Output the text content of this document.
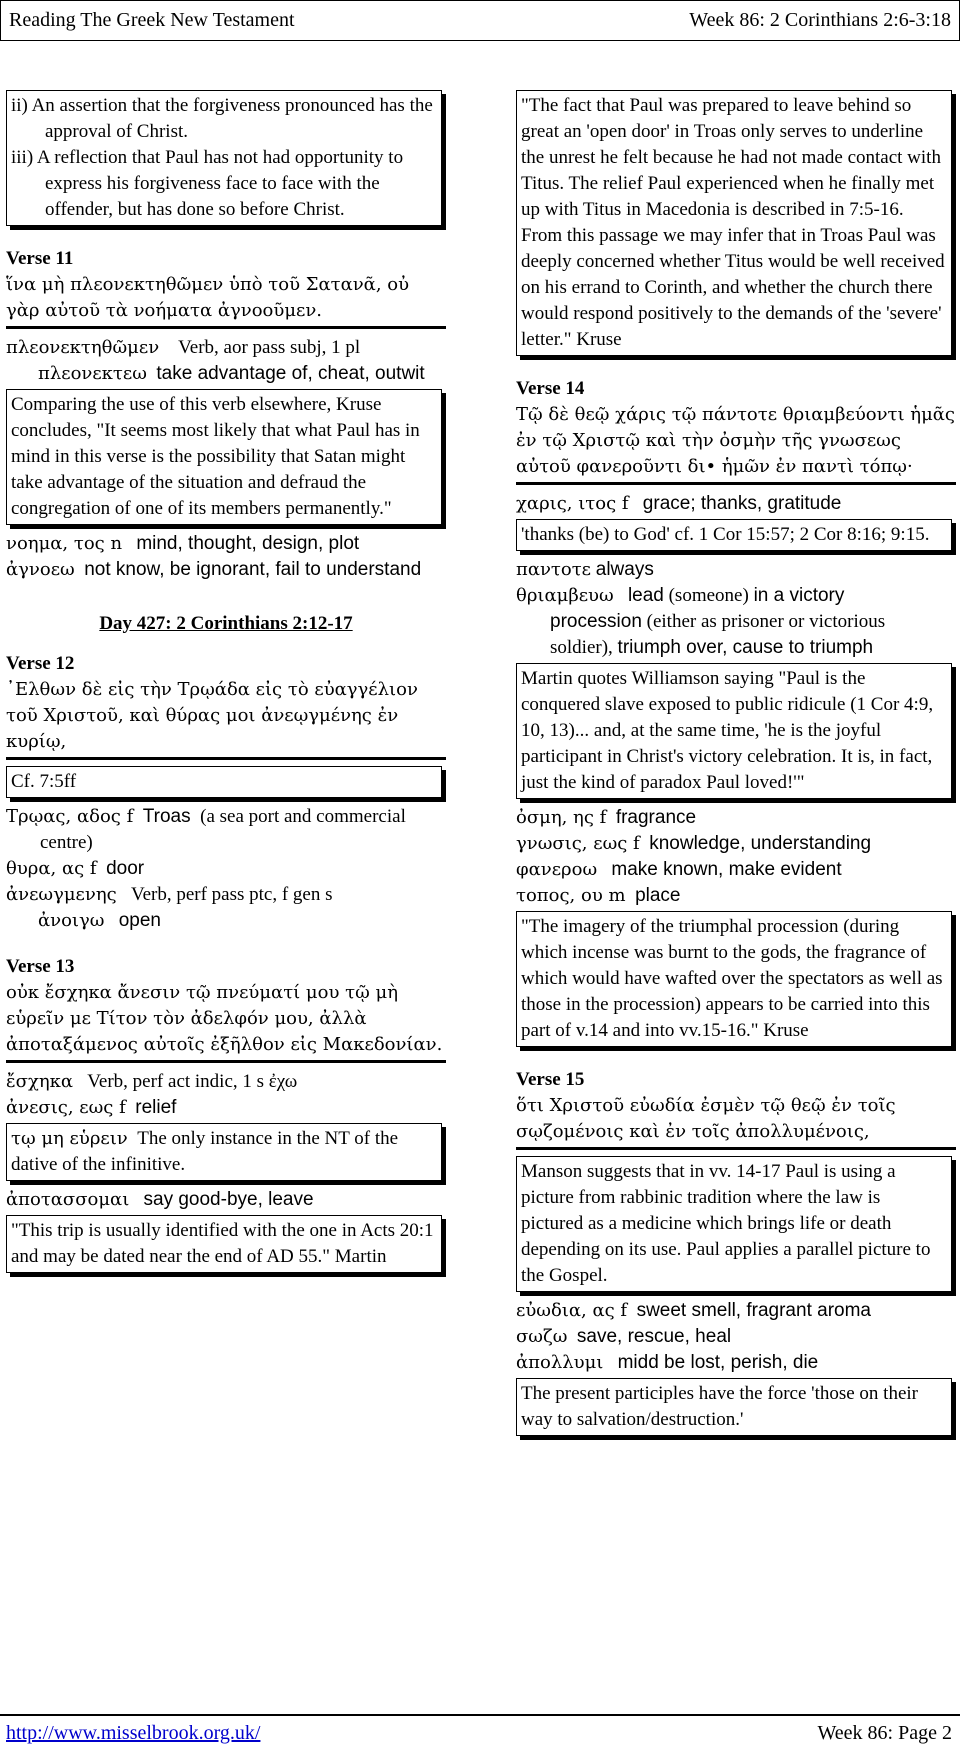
Reading The Greek New Testament	Week 86: 2 Corinthians 2:6-3:18
ii) An assertion that the forgiveness pronounced has the approval of Christ.
iii) A reflection that Paul has not had opportunity to express his forgiveness face to face with the offender, but has done so before Christ.
Verse 11
ἵνα μὴ πλεονεκτηθῶμεν ὑπὸ τοῦ Σατανᾶ, οὐ γὰρ αὐτοῦ τὰ νοήματα ἀγνοοῦμεν.
πλεονεκτηθῶμεν Verb, aor pass subj, 1 pl
πλεονεκτεω take advantage of, cheat, outwit
Comparing the use of this verb elsewhere, Kruse concludes, "It seems most likely that what Paul has in mind in this verse is the possibility that Satan might take advantage of the situation and defraud the congregation of one of its members permanently."
νοημα, τος n mind, thought, design, plot
ἀγνοεω not know, be ignorant, fail to understand
Day 427: 2 Corinthians 2:12-17
Verse 12
᾿Ελθων δὲ εἰς τὴν Τρῳάδα εἰς τὸ εὐαγγέλιον τοῦ Χριστοῦ, καὶ θύρας μοι ἀνεῳγμένης ἐν κυρίῳ,
Cf. 7:5ff
Τρῳας, αδος f Troas (a sea port and commercial centre)
θυρα, ας f door
ἀνεωγμενης Verb, perf pass ptc, f gen s
ἀνοιγω open
Verse 13
οὐκ ἔσχηκα ἄνεσιν τῷ πνεύματί μου τῷ μὴ εὑρεῖν με Τίτον τὸν ἀδελφόν μου, ἀλλὰ ἀποταξάμενος αὐτοῖς ἐξῆλθον εἰς Μακεδονίαν.
ἔσχηκα Verb, perf act indic, 1 s ἐχω
ἀνεσις, εως f relief
τῳ μη εὑρειν The only instance in the NT of the dative of the infinitive.
ἀποτασσομαι say good-bye, leave
"This trip is usually identified with the one in Acts 20:1 and may be dated near the end of AD 55." Martin
"The fact that Paul was prepared to leave behind so great an 'open door' in Troas only serves to underline the unrest he felt because he had not made contact with Titus. The relief Paul experienced when he finally met up with Titus in Macedonia is described in 7:5-16. From this passage we may infer that in Troas Paul was deeply concerned whether Titus would be well received on his errand to Corinth, and whether the church there would respond positively to the demands of the 'severe' letter." Kruse
Verse 14
Τῷ δὲ θεῷ χάρις τῷ πάντοτε θριαμβεύοντι ἡμᾶς ἐν τῷ Χριστῷ καὶ τὴν ὀσμὴν τῆς γνωσεως αὐτοῦ φανεροῦντι δι• ἡμῶν ἐν παντὶ τόπῳ·
χαρις, ιτος f grace; thanks, gratitude
'thanks (be) to God' cf. 1 Cor 15:57; 2 Cor 8:16; 9:15.
παντοτε always
θριαμβευω lead (someone) in a victory procession (either as prisoner or victorious soldier), triumph over, cause to triumph
Martin quotes Williamson saying "Paul is the conquered slave exposed to public ridicule (1 Cor 4:9, 10, 13)... and, at the same time, 'he is the joyful participant in Christ's victory celebration. It is, in fact, just the kind of paradox Paul loved!'"
ὀσμη, ης f fragrance
γνωσις, εως f knowledge, understanding
φανεροω make known, make evident
τοπος, ου m place
"The imagery of the triumphal procession (during which incense was burnt to the gods, the fragrance of which would have wafted over the spectators as well as those in the procession) appears to be carried into this part of v.14 and into vv.15-16." Kruse
Verse 15
ὅτι Χριστοῦ εὐωδία ἐσμὲν τῷ θεῷ ἐν τοῖς σῳζομένοις καὶ ἐν τοῖς ἀπολλυμένοις,
Manson suggests that in vv. 14-17 Paul is using a picture from rabbinic tradition where the law is pictured as a medicine which brings life or death depending on its use. Paul applies a parallel picture to the Gospel.
εὐωδια, ας f sweet smell, fragrant aroma
σωζω save, rescue, heal
ἀπολλυμι midd be lost, perish, die
The present participles have the force 'those on their way to salvation/destruction.'
http://www.misselbrook.org.uk/	Week 86: Page 2
